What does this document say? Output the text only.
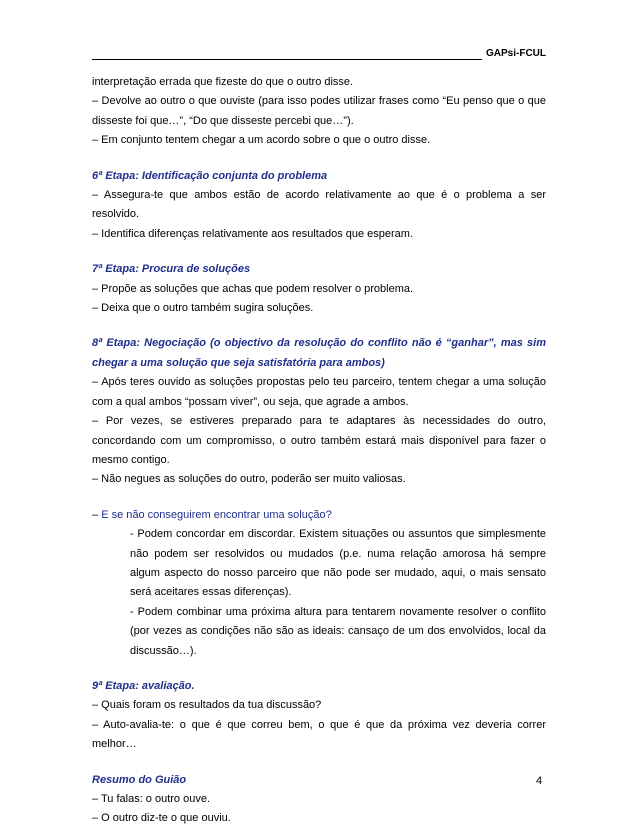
GAPsi-FCUL

interpretação errada que fizeste do que o outro disse.

– Devolve ao outro o que ouviste (para isso podes utilizar frases como “Eu penso que o que disseste foi que…”, “Do que disseste percebi que…”).

– Em conjunto tentem chegar a um acordo sobre o que o outro disse.

6ª Etapa: Identificação conjunta do problema

– Assegura-te que ambos estão de acordo relativamente ao que é o problema a ser resolvido.

– Identifica diferenças relativamente aos resultados que esperam.

7ª Etapa: Procura de soluções

– Propõe as soluções que achas que podem resolver o problema.

– Deixa que o outro também sugira soluções.

8ª Etapa: Negociação (o objectivo da resolução do conflito não é “ganhar”, mas sim chegar a uma solução que seja satisfatória para ambos)

– Após teres ouvido as soluções propostas pelo teu parceiro, tentem chegar a uma solução com a qual ambos “possam viver”, ou seja, que agrade a ambos.

– Por vezes, se estiveres preparado para te adaptares às necessidades do outro, concordando com um compromisso, o outro também estará mais disponível para fazer o mesmo contigo.

– Não negues as soluções do outro, poderão ser muito valiosas.

– E se não conseguirem encontrar uma solução?

- Podem concordar em discordar. Existem situações ou assuntos que simplesmente não podem ser resolvidos ou mudados (p.e. numa relação amorosa há sempre algum aspecto do nosso parceiro que não pode ser mudado, aqui, o mais sensato será aceitares essas diferenças).

- Podem combinar uma próxima altura para tentarem novamente resolver o conflito (por vezes as condições não são as ideais: cansaço de um dos envolvidos, local da discussão…).

9ª Etapa: avaliação.

– Quais foram os resultados da tua discussão?

– Auto-avalia-te: o que é que correu bem, o que é que da próxima vez deveria correr melhor…

Resumo do Guião

– Tu falas: o outro ouve.

– O outro diz-te o que ouviu.

4
